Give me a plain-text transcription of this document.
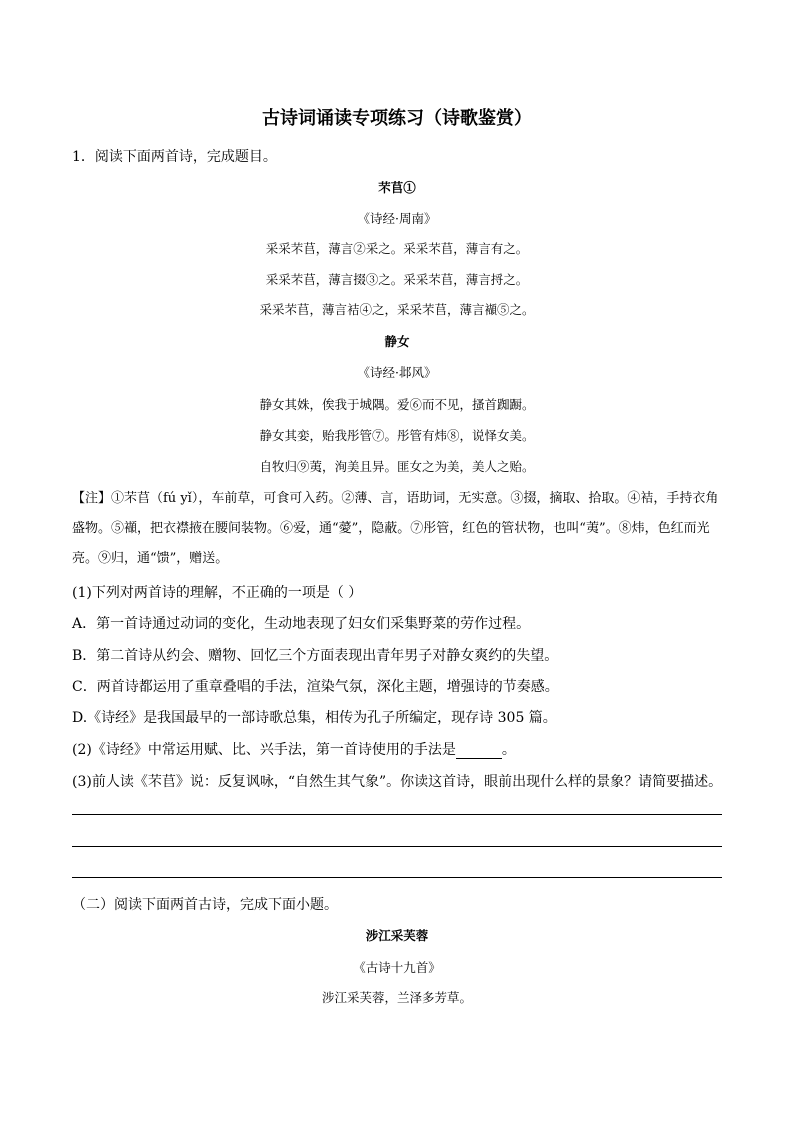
古诗词诵读专项练习（诗歌鉴赏）
1．阅读下面两首诗，完成题目。
芣苢①
《诗经·周南》
采采芣苢，薄言②采之。采采芣苢，薄言有之。
采采芣苢，薄言掇③之。采采芣苢，薄言捋之。
采采芣苢，薄言袺④之，采采芣苢，薄言襭⑤之。
静女
《诗经·邶风》
静女其姝，俟我于城隅。爱⑥而不见，搔首踟蹰。
静女其娈，贻我彤管⑦。彤管有炜⑧，说怿女美。
自牧归⑨荑，洵美且异。匪女之为美，美人之贻。
【注】①芣苢（fú yǐ），车前草，可食可入药。②薄、言，语助词，无实意。③掇，摘取、拾取。④袺，手持衣角盛物。⑤襭，把衣襟掖在腰间装物。⑥爱，通“薆”，隐蔽。⑦彤管，红色的管状物，也叫“荑”。⑧炜，色红而光亮。⑨归，通“馈”，赠送。
(1)下列对两首诗的理解，不正确的一项是（ ）
A．第一首诗通过动词的变化，生动地表现了妇女们采集野菜的劳作过程。
B．第二首诗从约会、赠物、回忆三个方面表现出青年男子对静女爽约的失望。
C．两首诗都运用了重章叠唱的手法，渲染气氛，深化主题，增强诗的节奏感。
D.《诗经》是我国最早的一部诗歌总集，相传为孔子所编定，现存诗 305 篇。
(2)《诗经》中常运用赋、比、兴手法，第一首诗使用的手法是	。
(3)前人读《芣苢》说：反复讽咏，“自然生其气象”。你读这首诗，眼前出现什么样的景象？请简要描述。
（二）阅读下面两首古诗，完成下面小题。
涉江采芙蓉
《古诗十九首》
涉江采芙蓉，兰泽多芳草。
